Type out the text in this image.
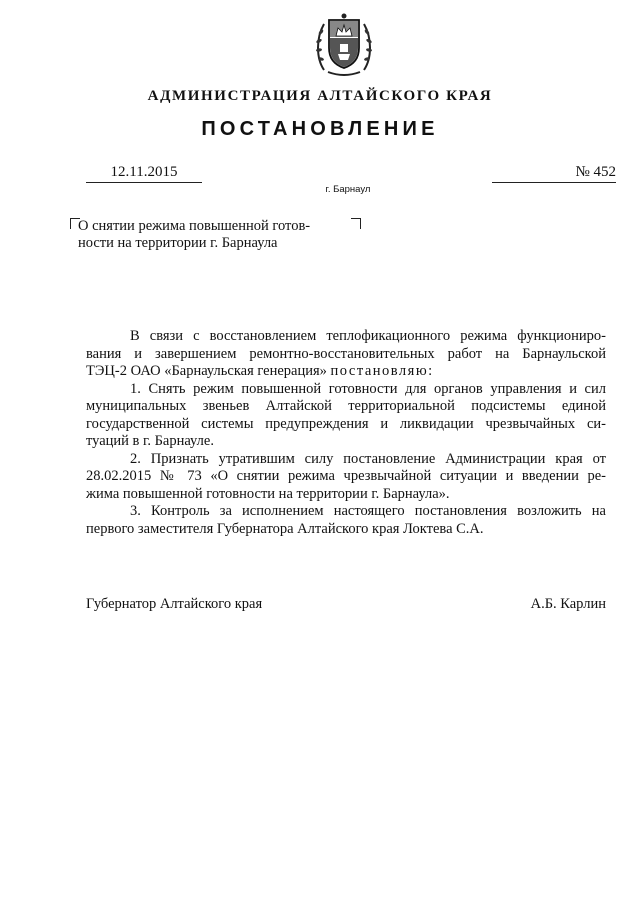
АДМИНИСТРАЦИЯ АЛТАЙСКОГО КРАЯ
ПОСТАНОВЛЕНИЕ
12.11.2015	№ 452
г. Барнаул
О снятии режима повышенной готов-
ности на территории г. Барнаула
В связи с восстановлением теплофикационного режима функциониро-
вания и завершением ремонтно-восстановительных работ на Барнаульской
ТЭЦ-2 ОАО «Барнаульская генерация» постановляю:
1. Снять режим повышенной готовности для органов управления и сил
муниципальных звеньев Алтайской территориальной подсистемы единой
государственной системы предупреждения и ликвидации чрезвычайных си-
туаций в г. Барнауле.
2. Признать утратившим силу постановление Администрации края от
28.02.2015 № 73 «О снятии режима чрезвычайной ситуации и введении ре-
жима повышенной готовности на территории г. Барнаула».
3. Контроль за исполнением настоящего постановления возложить на
первого заместителя Губернатора Алтайского края Локтева С.А.
Губернатор Алтайского края	А.Б. Карлин
